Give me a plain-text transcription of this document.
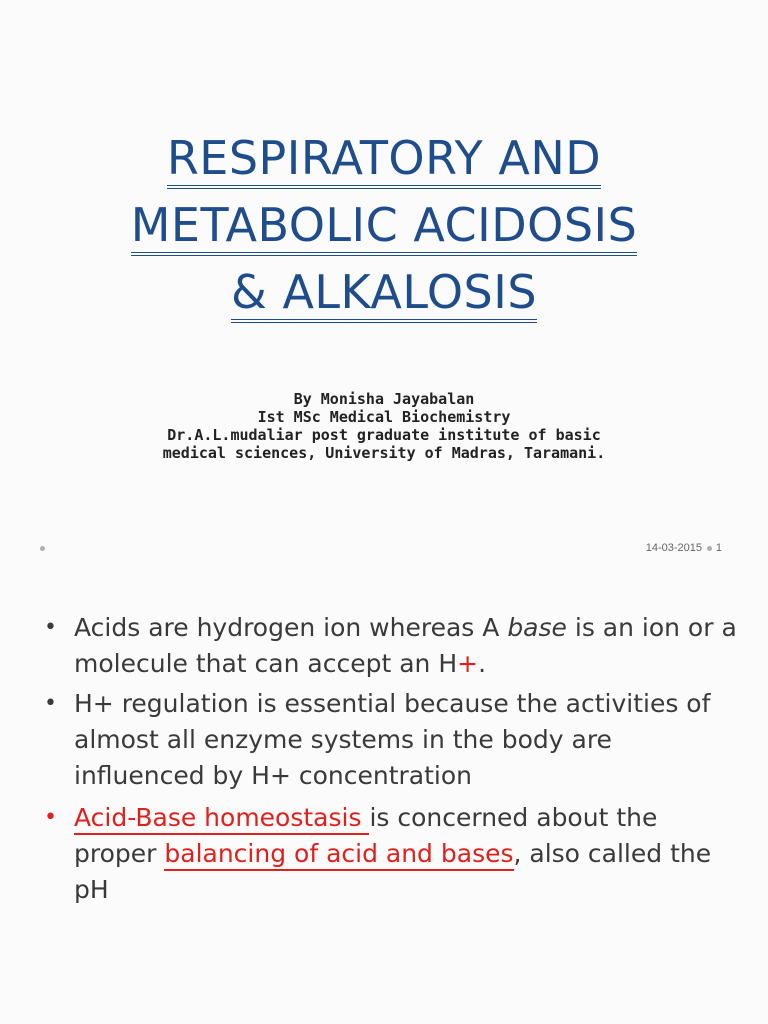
RESPIRATORY AND
METABOLIC ACIDOSIS
& ALKALOSIS
By Monisha Jayabalan
Ist MSc Medical Biochemistry
Dr.A.L.mudaliar post graduate institute of basic
medical sciences, University of Madras, Taramani.
14-03-2015 1
• Acids are hydrogen ion whereas A base is an ion or a molecule that can accept an H+.
• H+ regulation is essential because the activities of almost all enzyme systems in the body are influenced by H+ concentration
• Acid-Base homeostasis is concerned about the proper balancing of acid and bases, also called the pH
